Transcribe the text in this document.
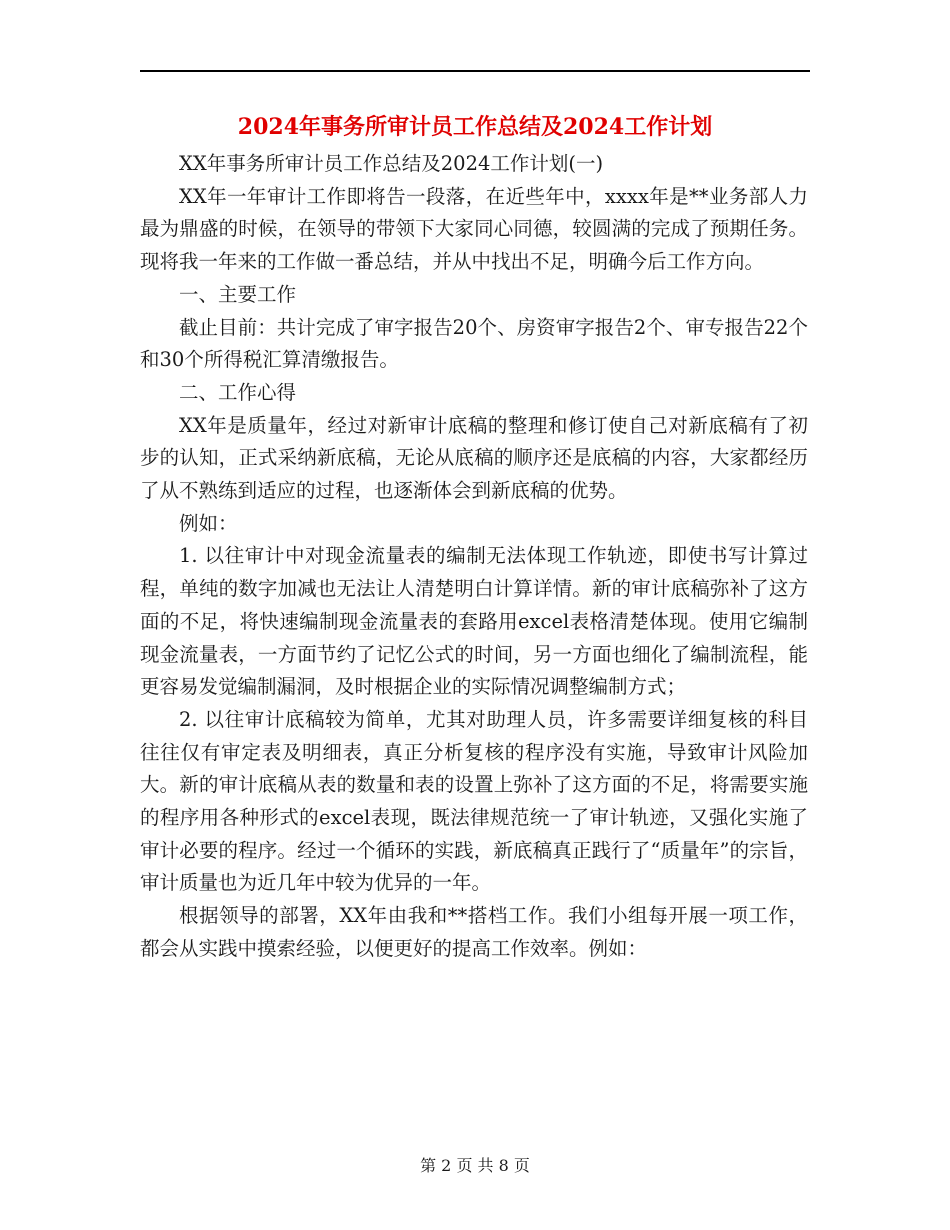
2024年事务所审计员工作总结及2024工作计划

XX年事务所审计员工作总结及2024工作计划(一)

XX年一年审计工作即将告一段落，在近些年中，xxxx年是**业务部人力最为鼎盛的时候，在领导的带领下大家同心同德，较圆满的完成了预期任务。现将我一年来的工作做一番总结，并从中找出不足，明确今后工作方向。

一、主要工作

截止目前：共计完成了审字报告20个、房资审字报告2个、审专报告22个和30个所得税汇算清缴报告。

二、工作心得

XX年是质量年，经过对新审计底稿的整理和修订使自己对新底稿有了初步的认知，正式采纳新底稿，无论从底稿的顺序还是底稿的内容，大家都经历了从不熟练到适应的过程，也逐渐体会到新底稿的优势。

例如：

1. 以往审计中对现金流量表的编制无法体现工作轨迹，即使书写计算过程，单纯的数字加减也无法让人清楚明白计算详情。新的审计底稿弥补了这方面的不足，将快速编制现金流量表的套路用excel表格清楚体现。使用它编制现金流量表，一方面节约了记忆公式的时间，另一方面也细化了编制流程，能更容易发觉编制漏洞，及时根据企业的实际情况调整编制方式；

2. 以往审计底稿较为简单，尤其对助理人员，许多需要详细复核的科目往往仅有审定表及明细表，真正分析复核的程序没有实施，导致审计风险加大。新的审计底稿从表的数量和表的设置上弥补了这方面的不足，将需要实施的程序用各种形式的excel表现，既法律规范统一了审计轨迹，又强化实施了审计必要的程序。经过一个循环的实践，新底稿真正践行了“质量年”的宗旨，审计质量也为近几年中较为优异的一年。

根据领导的部署，XX年由我和**搭档工作。我们小组每开展一项工作，都会从实践中摸索经验，以便更好的提高工作效率。例如：

第 2 页 共 8 页
